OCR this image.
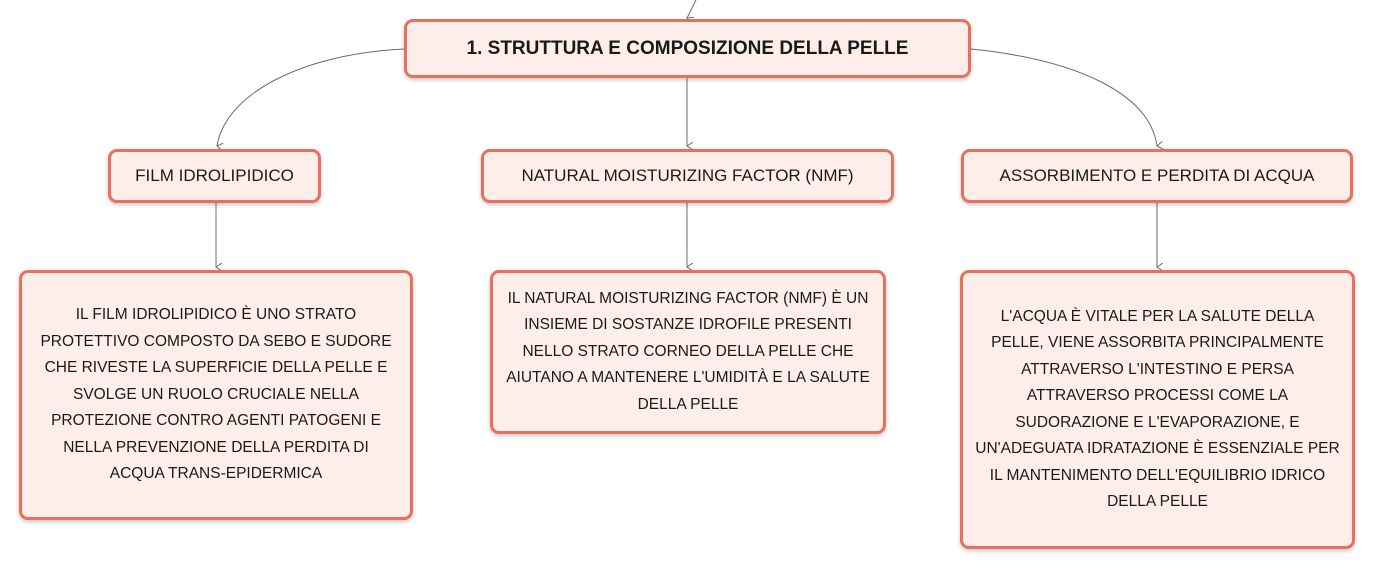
1. STRUTTURA E COMPOSIZIONE DELLA PELLE
FILM IDROLIPIDICO	NATURAL MOISTURIZING FACTOR (NMF)	ASSORBIMENTO E PERDITA DI ACQUA
IL FILM IDROLIPIDICO È UNO STRATO PROTETTIVO COMPOSTO DA SEBO E SUDORE CHE RIVESTE LA SUPERFICIE DELLA PELLE E SVOLGE UN RUOLO CRUCIALE NELLA PROTEZIONE CONTRO AGENTI PATOGENI E NELLA PREVENZIONE DELLA PERDITA DI ACQUA TRANS-EPIDERMICA
IL NATURAL MOISTURIZING FACTOR (NMF) È UN INSIEME DI SOSTANZE IDROFILE PRESENTI NELLO STRATO CORNEO DELLA PELLE CHE AIUTANO A MANTENERE L'UMIDITÀ E LA SALUTE DELLA PELLE
L'ACQUA È VITALE PER LA SALUTE DELLA PELLE, VIENE ASSORBITA PRINCIPALMENTE ATTRAVERSO L'INTESTINO E PERSA ATTRAVERSO PROCESSI COME LA SUDORAZIONE E L'EVAPORAZIONE, E UN'ADEGUATA IDRATAZIONE È ESSENZIALE PER IL MANTENIMENTO DELL'EQUILIBRIO IDRICO DELLA PELLE
